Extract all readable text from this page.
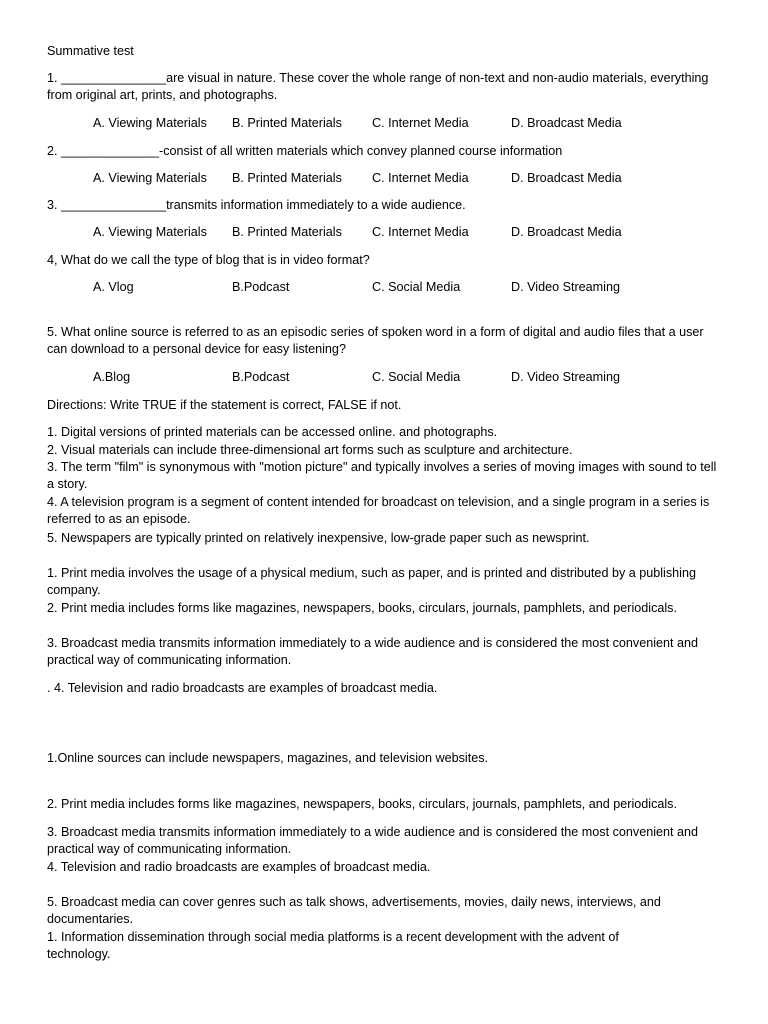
Summative test
1. _______________are visual in nature. These cover the whole range of non-text and non-audio materials, everything from original art, prints, and photographs.
A. Viewing Materials B. Printed Materials C. Internet Media	D. Broadcast Media
2. ______________-consist of all written materials which convey planned course information
A. Viewing Materials B. Printed Materials C. Internet Media	D. Broadcast Media
3. _______________transmits information immediately to a wide audience.
A. Viewing Materials B. Printed Materials C. Internet Media	D. Broadcast Media
4, What do we call the type of blog that is in video format?
A. Vlog	B.Podcast	C. Social Media	D. Video Streaming
5. What online source is referred to as an episodic series of spoken word in a form of digital and audio files that a user can download to a personal device for easy listening?
A.Blog	B.Podcast	C. Social Media	D. Video Streaming
Directions: Write TRUE if the statement is correct, FALSE if not.
1. Digital versions of printed materials can be accessed online. and photographs.
2. Visual materials can include three-dimensional art forms such as sculpture and architecture.
3. The term "film" is synonymous with "motion picture" and typically involves a series of moving images with sound to tell a story.
4. A television program is a segment of content intended for broadcast on television, and a single program in a series is referred to as an episode.
5. Newspapers are typically printed on relatively inexpensive, low-grade paper such as newsprint.
1. Print media involves the usage of a physical medium, such as paper, and is printed and distributed by a publishing company.
2. Print media includes forms like magazines, newspapers, books, circulars, journals, pamphlets, and periodicals.
3. Broadcast media transmits information immediately to a wide audience and is considered the most convenient and practical way of communicating information.
. 4. Television and radio broadcasts are examples of broadcast media.
1.Online sources can include newspapers, magazines, and television websites.
2. Print media includes forms like magazines, newspapers, books, circulars, journals, pamphlets, and periodicals.
3. Broadcast media transmits information immediately to a wide audience and is considered the most convenient and practical way of communicating information.
4. Television and radio broadcasts are examples of broadcast media.
5. Broadcast media can cover genres such as talk shows, advertisements, movies, daily news, interviews, and documentaries.
1. Information dissemination through social media platforms is a recent development with the advent of technology.
